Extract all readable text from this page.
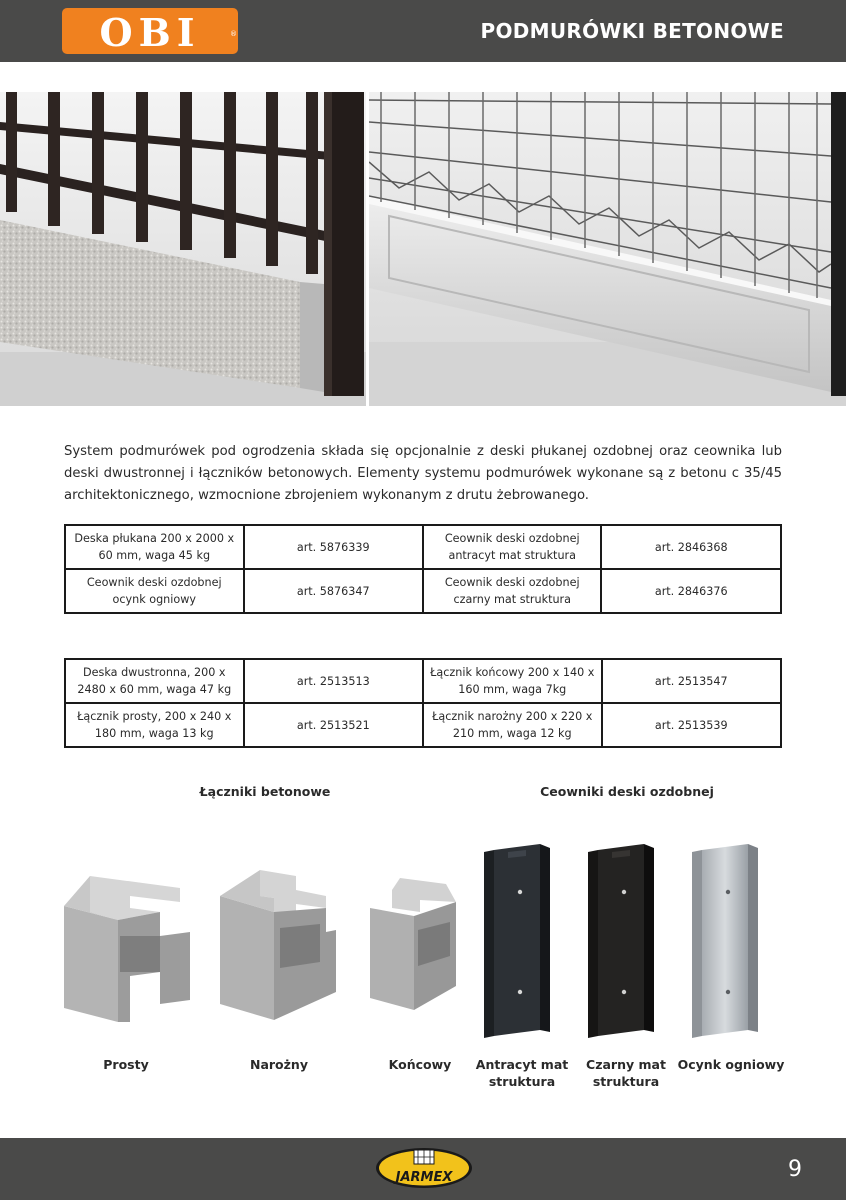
OBI	®	PODMURÓWKI BETONOWE
System podmurówek pod ogrodzenia składa się opcjonalnie z deski płukanej ozdobnej oraz ceownika lub deski dwustronnej i łączników betonowych. Elementy systemu podmurówek wykonane są z betonu c 35/45 architektonicznego, wzmocnione zbrojeniem wykonanym z drutu żebrowanego.
Deska płukana 200 x 2000 x 60 mm, waga 45 kg	art. 5876339	Ceownik deski ozdobnej antracyt mat struktura	art. 2846368
Ceownik deski ozdobnej ocynk ogniowy	art. 5876347	Ceownik deski ozdobnej czarny mat struktura	art. 2846376
Deska dwustronna, 200 x 2480 x 60 mm, waga 47 kg	art. 2513513	Łącznik końcowy 200 x 140 x 160 mm, waga 7kg	art. 2513547
Łącznik prosty, 200 x 240 x 180 mm, waga 13 kg	art. 2513521	Łącznik narożny 200 x 220 x 210 mm, waga 12 kg	art. 2513539
Łączniki betonowe	Ceowniki deski ozdobnej
Prosty	Narożny	Końcowy	Antracyt mat struktura
Czarny mat struktura
Ocynk ogniowy
JARMEX	9
